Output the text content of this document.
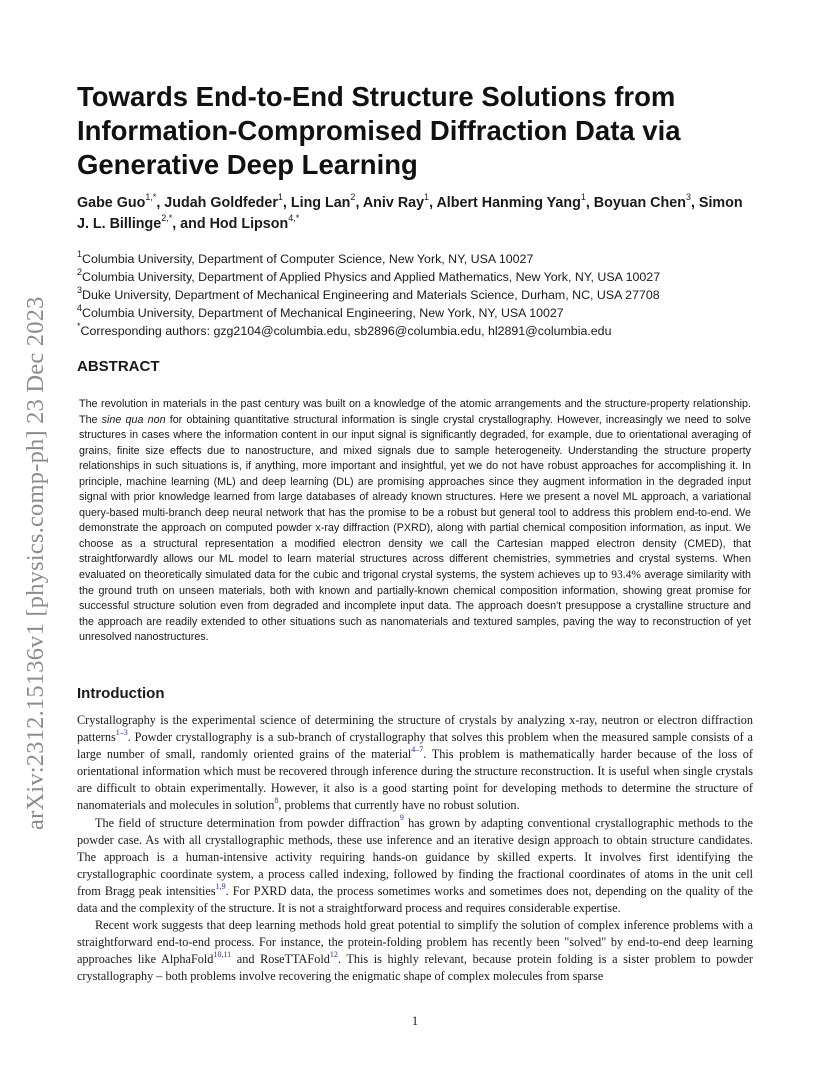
arXiv:2312.15136v1 [physics.comp-ph] 23 Dec 2023
Towards End-to-End Structure Solutions from Information-Compromised Diffraction Data via Generative Deep Learning

Gabe Guo$^{1,*}$, Judah Goldfeder$^1$, Ling Lan$^2$, Aniv Ray$^1$, Albert Hanming Yang$^1$, Boyuan Chen$^3$, Simon J. L. Billinge$^{2,*}$, and Hod Lipson$^{4,*}$

$^1$Columbia University, Department of Computer Science, New York, NY, USA 10027
$^2$Columbia University, Department of Applied Physics and Applied Mathematics, New York, NY, USA 10027
$^3$Duke University, Department of Mechanical Engineering and Materials Science, Durham, NC, USA 27708
$^4$Columbia University, Department of Mechanical Engineering, New York, NY, USA 10027
*Corresponding authors: gzg2104@columbia.edu, sb2896@columbia.edu, hl2891@columbia.edu
ABSTRACT

The revolution in materials in the past century was built on a knowledge of the atomic arrangements and the structure-property relationship. The sine qua non for obtaining quantitative structural information is single crystal crystallography. However, increasingly we need to solve structures in cases where the information content in our input signal is significantly degraded, for example, due to orientational averaging of grains, finite size effects due to nanostructure, and mixed signals due to sample heterogeneity. Understanding the structure property relationships in such situations is, if anything, more important and insightful, yet we do not have robust approaches for accomplishing it. In principle, machine learning (ML) and deep learning (DL) are promising approaches since they augment information in the degraded input signal with prior knowledge learned from large databases of already known structures. Here we present a novel ML approach, a variational query-based multi-branch deep neural network that has the promise to be a robust but general tool to address this problem end-to-end. We demonstrate the approach on computed powder x-ray diffraction (PXRD), along with partial chemical composition information, as input. We choose as a structural representation a modified electron density we call the Cartesian mapped electron density (CMED), that straightforwardly allows our ML model to learn material structures across different chemistries, symmetries and crystal systems. When evaluated on theoretically simulated data for the cubic and trigonal crystal systems, the system achieves up to 93.4% average similarity with the ground truth on unseen materials, both with known and partially-known chemical composition information, showing great promise for successful structure solution even from degraded and incomplete input data. The approach doesn't presuppose a crystalline structure and the approach are readily extended to other situations such as nanomaterials and textured samples, paving the way to reconstruction of yet unresolved nanostructures.

Introduction

Crystallography is the experimental science of determining the structure of crystals by analyzing x-ray, neutron or electron diffraction patterns$^{1-3}$. Powder crystallography is a sub-branch of crystallography that solves this problem when the measured sample consists of a large number of small, randomly oriented grains of the material$^{4-7}$. This problem is mathematically harder because of the loss of orientational information which must be recovered through inference during the structure reconstruction. It is useful when single crystals are difficult to obtain experimentally. However, it also is a good starting point for developing methods to determine the structure of nanomaterials and molecules in solution$^8$, problems that currently have no robust solution.

The field of structure determination from powder diffraction$^9$ has grown by adapting conventional crystallographic methods to the powder case. As with all crystallographic methods, these use inference and an iterative design approach to obtain structure candidates. The approach is a human-intensive activity requiring hands-on guidance by skilled experts. It involves first identifying the crystallographic coordinate system, a process called indexing, followed by finding the fractional coordinates of atoms in the unit cell from Bragg peak intensities$^{1,9}$. For PXRD data, the process sometimes works and sometimes does not, depending on the quality of the data and the complexity of the structure. It is not a straightforward process and requires considerable expertise.

Recent work suggests that deep learning methods hold great potential to simplify the solution of complex inference problems with a straightforward end-to-end process. For instance, the protein-folding problem has recently been "solved" by end-to-end deep learning approaches like AlphaFold$^{10,11}$ and RoseTTAFold$^{12}$. This is highly relevant, because protein folding is a sister problem to powder crystallography – both problems involve recovering the enigmatic shape of complex molecules from sparse

1
